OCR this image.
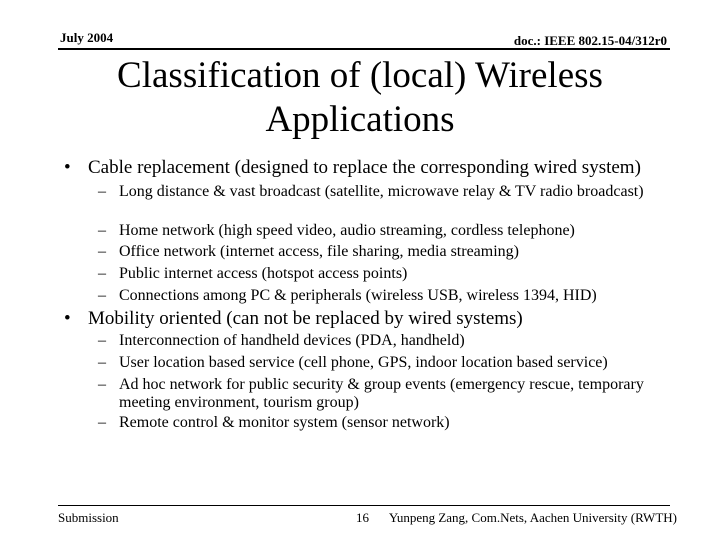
July 2004	doc.: IEEE 802.15-04/312r0
Classification of (local) Wireless Applications
• Cable replacement (designed to replace the corresponding wired system)
– Long distance & vast broadcast (satellite, microwave relay & TV radio broadcast)
– Home network (high speed video, audio streaming, cordless telephone)
– Office network (internet access, file sharing, media streaming)
– Public internet access (hotspot access points)
– Connections among PC & peripherals (wireless USB, wireless 1394, HID)
• Mobility oriented (can not be replaced by wired systems)
– Interconnection of handheld devices (PDA, handheld)
– User location based service (cell phone, GPS, indoor location based service)
– Ad hoc network for public security & group events (emergency rescue, temporary meeting environment, tourism group)
– Remote control & monitor system (sensor network)
Submission	16 Yunpeng Zang, Com.Nets, Aachen University (RWTH)
